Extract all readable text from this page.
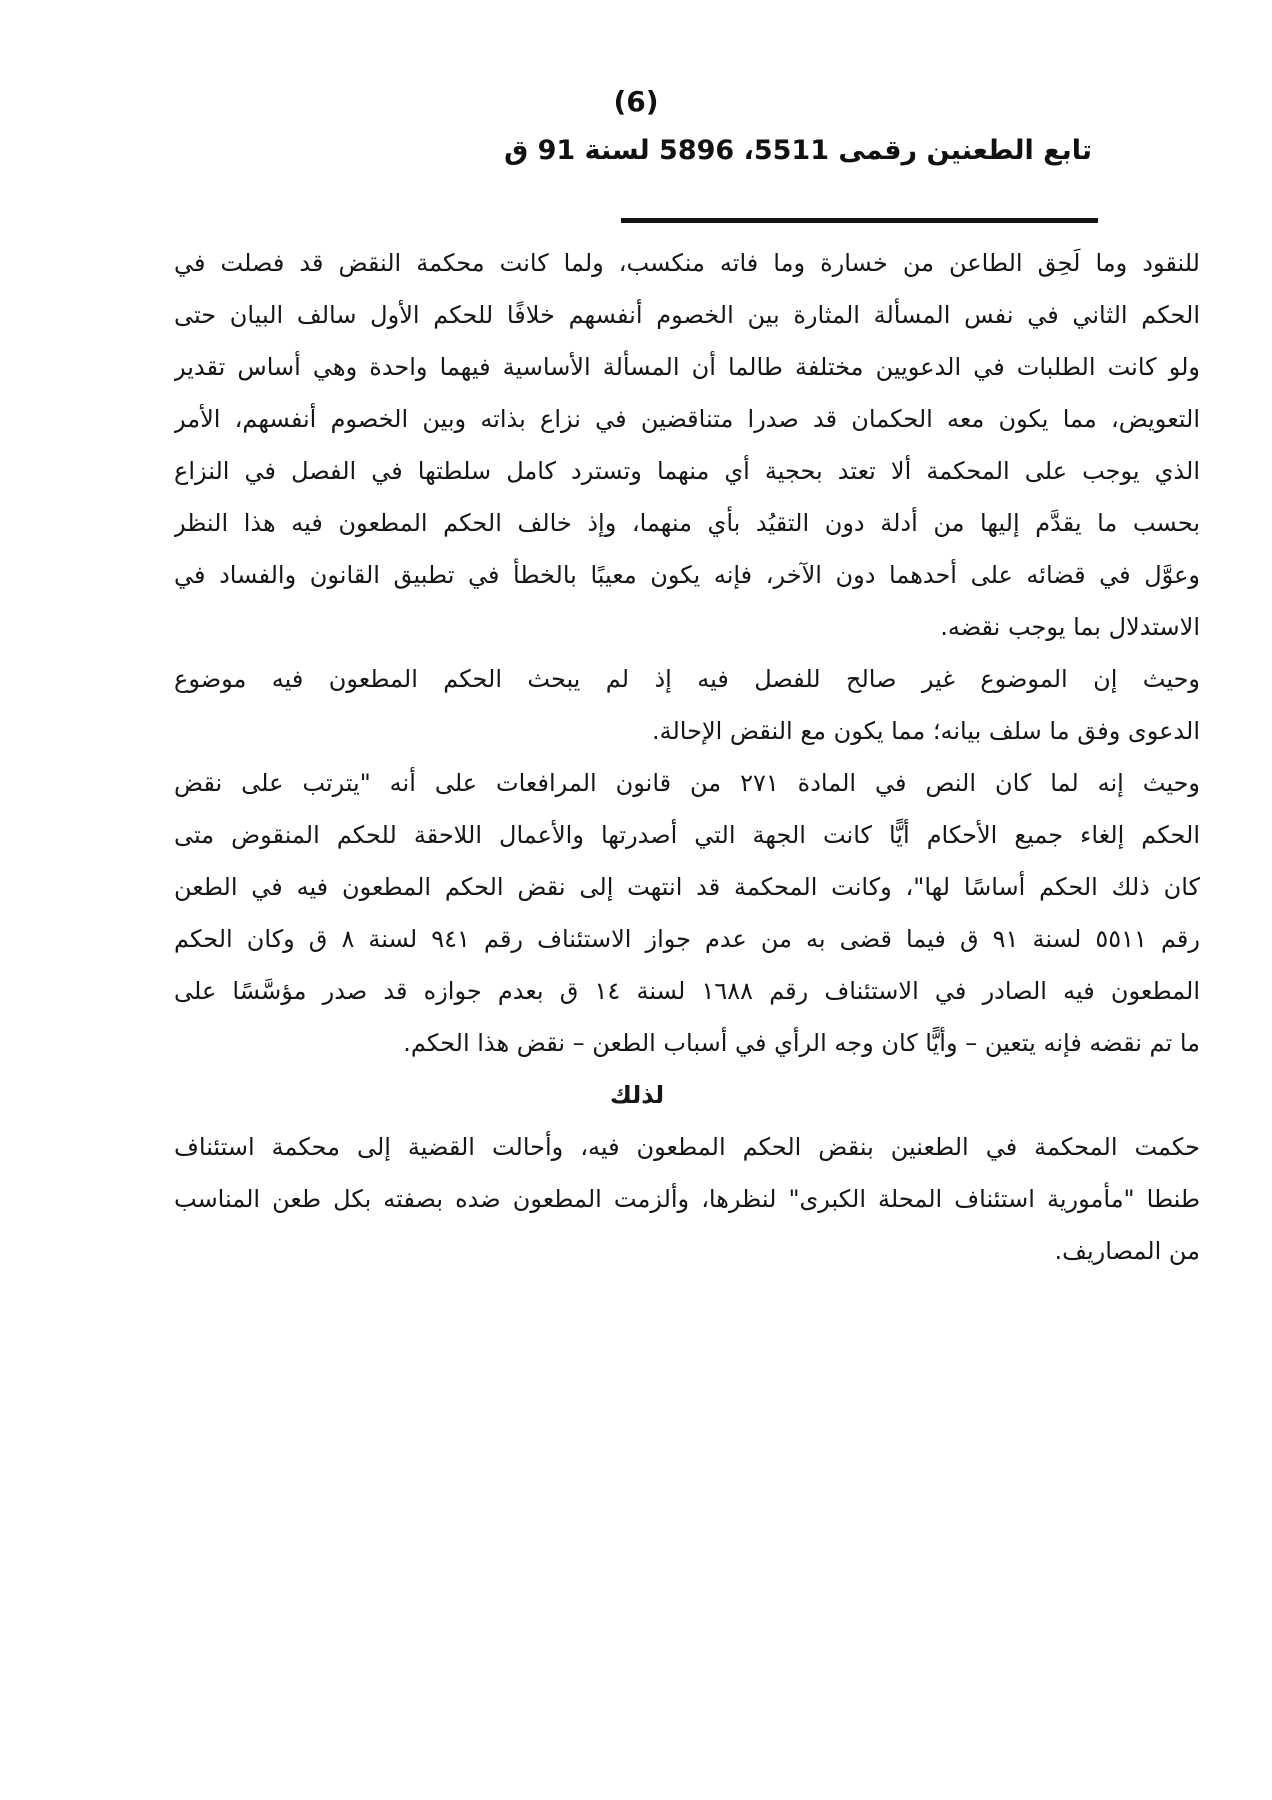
(6)
تابع الطعنين رقمى 5511، 5896 لسنة 91 ق
للنقود وما لَحِق الطاعن من خسارة وما فاته منكسب، ولما كانت محكمة النقض قد فصلت في
الحكم الثاني في نفس المسألة المثارة بين الخصوم أنفسهم خلافًا للحكم الأول سالف البيان حتى
ولو كانت الطلبات في الدعويين مختلفة طالما أن المسألة الأساسية فيهما واحدة وهي أساس تقدير
التعويض، مما يكون معه الحكمان قد صدرا متناقضين في نزاع بذاته وبين الخصوم أنفسهم، الأمر
الذي يوجب على المحكمة ألا تعتد بحجية أي منهما وتسترد كامل سلطتها في الفصل في النزاع
بحسب ما يقدَّم إليها من أدلة دون التقيُد بأي منهما، وإذ خالف الحكم المطعون فيه هذا النظر
وعوَّل في قضائه على أحدهما دون الآخر، فإنه يكون معيبًا بالخطأ في تطبيق القانون والفساد في
الاستدلال بما يوجب نقضه.
وحيث إن الموضوع غير صالح للفصل فيه إذ لم يبحث الحكم المطعون فيه موضوع
الدعوى وفق ما سلف بيانه؛ مما يكون مع النقض الإحالة.
وحيث إنه لما كان النص في المادة ٢٧١ من قانون المرافعات على أنه "يترتب على نقض
الحكم إلغاء جميع الأحكام أيًّا كانت الجهة التي أصدرتها والأعمال اللاحقة للحكم المنقوض متى
كان ذلك الحكم أساسًا لها"، وكانت المحكمة قد انتهت إلى نقض الحكم المطعون فيه في الطعن
رقم ٥٥١١ لسنة ٩١ ق فيما قضى به من عدم جواز الاستئناف رقم ٩٤١ لسنة ٨ ق وكان الحكم
المطعون فيه الصادر في الاستئناف رقم ١٦٨٨ لسنة ١٤ ق بعدم جوازه قد صدر مؤسَّسًا على
ما تم نقضه فإنه يتعين – وأيًّا كان وجه الرأي في أسباب الطعن – نقض هذا الحكم.
لذلك
حكمت المحكمة في الطعنين بنقض الحكم المطعون فيه، وأحالت القضية إلى محكمة استئناف
طنطا "مأمورية استئناف المحلة الكبرى" لنظرها، وألزمت المطعون ضده بصفته بكل طعن المناسب
من المصاريف.
